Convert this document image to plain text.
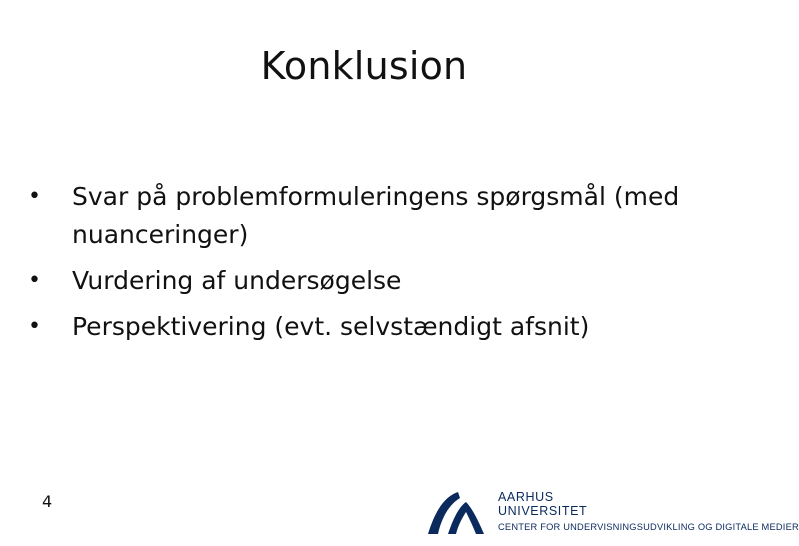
Konklusion
• Svar på problemformuleringens spørgsmål (med nuanceringer)
• Vurdering af undersøgelse
• Perspektivering (evt. selvstændigt afsnit)
4	AARHUS
UNIVERSITET
CENTER FOR UNDERVISNINGSUDVIKLING OG DIGITALE MEDIER
